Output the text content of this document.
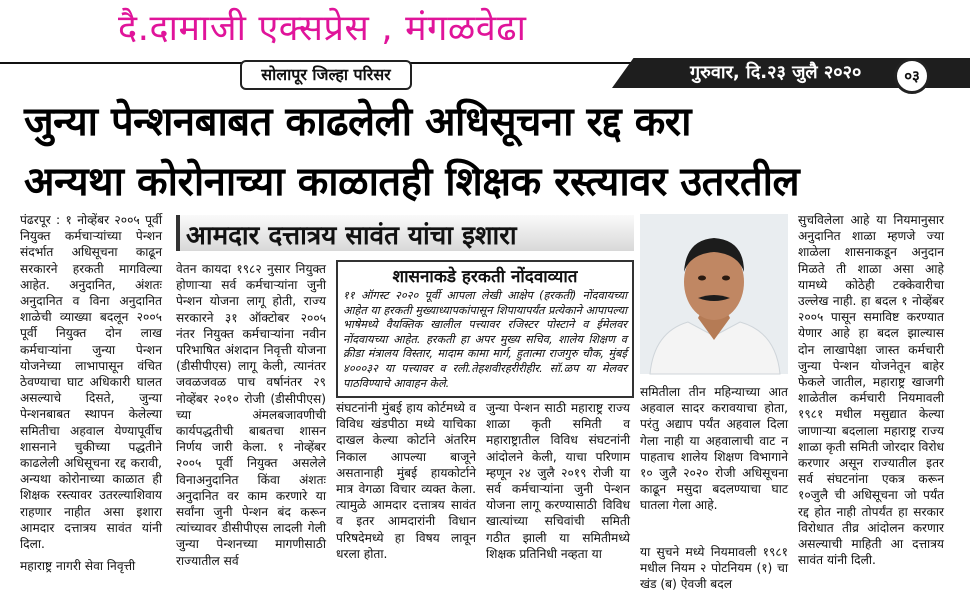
दै.दामाजी एक्सप्रेस , मंगळवेढा
सोलापूर जिल्हा परिसर	गुरुवार, दि.२३ जुलै २०२०	०३
जुन्या पेन्शनबाबत काढलेली अधिसूचना रद्द करा
अन्यथा कोरोनाच्या काळातही शिक्षक रस्त्यावर उतरतील
आमदार दत्तात्रय सावंत यांचा इशारा

पंढरपूर : १ नोव्हेंबर २००५ पूर्वी नियुक्त कर्मचाऱ्यांच्या पेन्शन संदर्भात अधिसूचना काढून सरकारने हरकती मागविल्या आहेत. अनुदानित, अंशतः अनुदानित व विना अनुदानित शाळेची व्याख्या बदलून २००५ पूर्वी नियुक्त दोन लाख कर्मचाऱ्यांना जुन्या पेन्शन योजनेच्या लाभापासून वंचित ठेवण्याचा घाट अधिकारी घालत असल्याचे दिसते, जुन्या पेन्शनबाबत स्थापन केलेल्या समितीचा अहवाल येण्यापूर्वीच शासनाने चुकीच्या पद्धतीने काढलेली अधिसूचना रद्द करावी, अन्यथा कोरोनाच्या काळात ही शिक्षक रस्त्यावर उतरल्याशिवाय राहणार नाहीत असा इशारा आमदार दत्तात्रय सावंत यांनी दिला.

महाराष्ट्र नागरी सेवा निवृत्ती

वेतन कायदा १९८२ नुसार नियुक्त होणाऱ्या सर्व कर्मचाऱ्यांना जुनी पेन्शन योजना लागू होती, राज्य सरकारने ३१ ऑक्टोबर २००५ नंतर नियुक्त कर्मचाऱ्यांना नवीन परिभाषित अंशदान निवृत्ती योजना (डीसीपीएस) लागू केली, त्यानंतर जवळजवळ पाच वर्षानंतर २९ नोव्हेंबर २०१० रोजी (डीसीपीएस) च्या अंमलबजावणीची कार्यपद्धतीची बाबतचा शासन निर्णय जारी केला. १ नोव्हेंबर २००५ पूर्वी नियुक्त असलेले विनाअनुदानित किंवा अंशतः अनुदानित वर काम करणारे या सर्वांना जुनी पेन्शन बंद करून त्यांच्यावर डीसीपीएस लादली गेली जुन्या पेन्शनच्या मागणीसाठी राज्यातील सर्व

शासनाकडे हरकती नोंदवाव्यात
११ ऑगस्ट २०२० पूर्वी आपला लेखी आक्षेप (हरकती) नोंदवायच्या आहेत या हरकती मुख्याध्यापकांपासून शिपायापर्यंत प्रत्येकाने आपापल्या भाषेमध्ये वैयक्तिक खालील पत्त्यावर रजिस्टर पोस्टाने व ईमेलवर नोंदवायच्या आहेत. हरकती हा अपर मुख्य सचिव, शालेय शिक्षण व क्रीडा मंत्रालय विस्तार, मादाम कामा मार्ग, हुतात्मा राजगुरु चौक, मुंबई ४०००३२ या पत्त्यावर व रली.तेहशवीरहरीरीहीर. सॉ.ळप या मेलवर पाठविण्याचे आवाहन केले.

संघटनांनी मुंबई हाय कोर्टमध्ये व विविध खंडपीठा मध्ये याचिका दाखल केल्या कोर्टाने अंतरिम निकाल आपल्या बाजूने असतानाही मुंबई हायकोर्टाने मात्र वेगळा विचार व्यक्त केला. त्यामुळे आमदार दत्तात्रय सावंत व इतर आमदारांनी विधान परिषदेमध्ये हा विषय लावून धरला होता.

जुन्या पेन्शन साठी महाराष्ट्र राज्य शाळा कृती समिती व महाराष्ट्रातील विविध संघटनांनी आंदोलने केली, याचा परिणाम म्हणून २४ जुलै २०१९ रोजी या सर्व कर्मचाऱ्यांना जुनी पेन्शन योजना लागू करण्यासाठी विविध खात्यांच्या सचिवांची समिती गठीत झाली या समितीमध्ये शिक्षक प्रतिनिधी नव्हता या

समितीला तीन महिन्याच्या आत अहवाल सादर करावयाचा होता, परंतु अद्याप पर्यंत अहवाल दिला गेला नाही या अहवालाची वाट न पाहताच शालेय शिक्षण विभागाने १० जुलै २०२० रोजी अधिसूचना काढून मसुदा बदलण्याचा घाट घातला गेला आहे.

या सुचने मध्ये नियमावली १९८१ मधील नियम २ पोटनियम (१) चा खंड (ब) ऐवजी बदल

सुचविलेला आहे या नियमानुसार अनुदानित शाळा म्हणजे ज्या शाळेला शासनाकडून अनुदान मिळते ती शाळा असा आहे यामध्ये कोठेही टक्केवारीचा उल्लेख नाही. हा बदल १ नोव्हेंबर २००५ पासून समाविष्ट करण्यात येणार आहे हा बदल झाल्यास दोन लाखापेक्षा जास्त कर्मचारी जुन्या पेन्शन योजनेतून बाहेर फेकले जातील, महाराष्ट्र खाजगी शाळेतील कर्मचारी नियमावली १९८१ मधील मसुद्यात केल्या जाणाऱ्या बदलाला महाराष्ट्र राज्य शाळा कृती समिती जोरदार विरोध करणार असून राज्यातील इतर सर्व संघटनांना एकत्र करून १०जुलै ची अधिसूचना जो पर्यंत रद्द होत नाही तोपर्यंत हा सरकार विरोधात तीव्र आंदोलन करणार असल्याची माहिती आ दत्तात्रय सावंत यांनी दिली.
